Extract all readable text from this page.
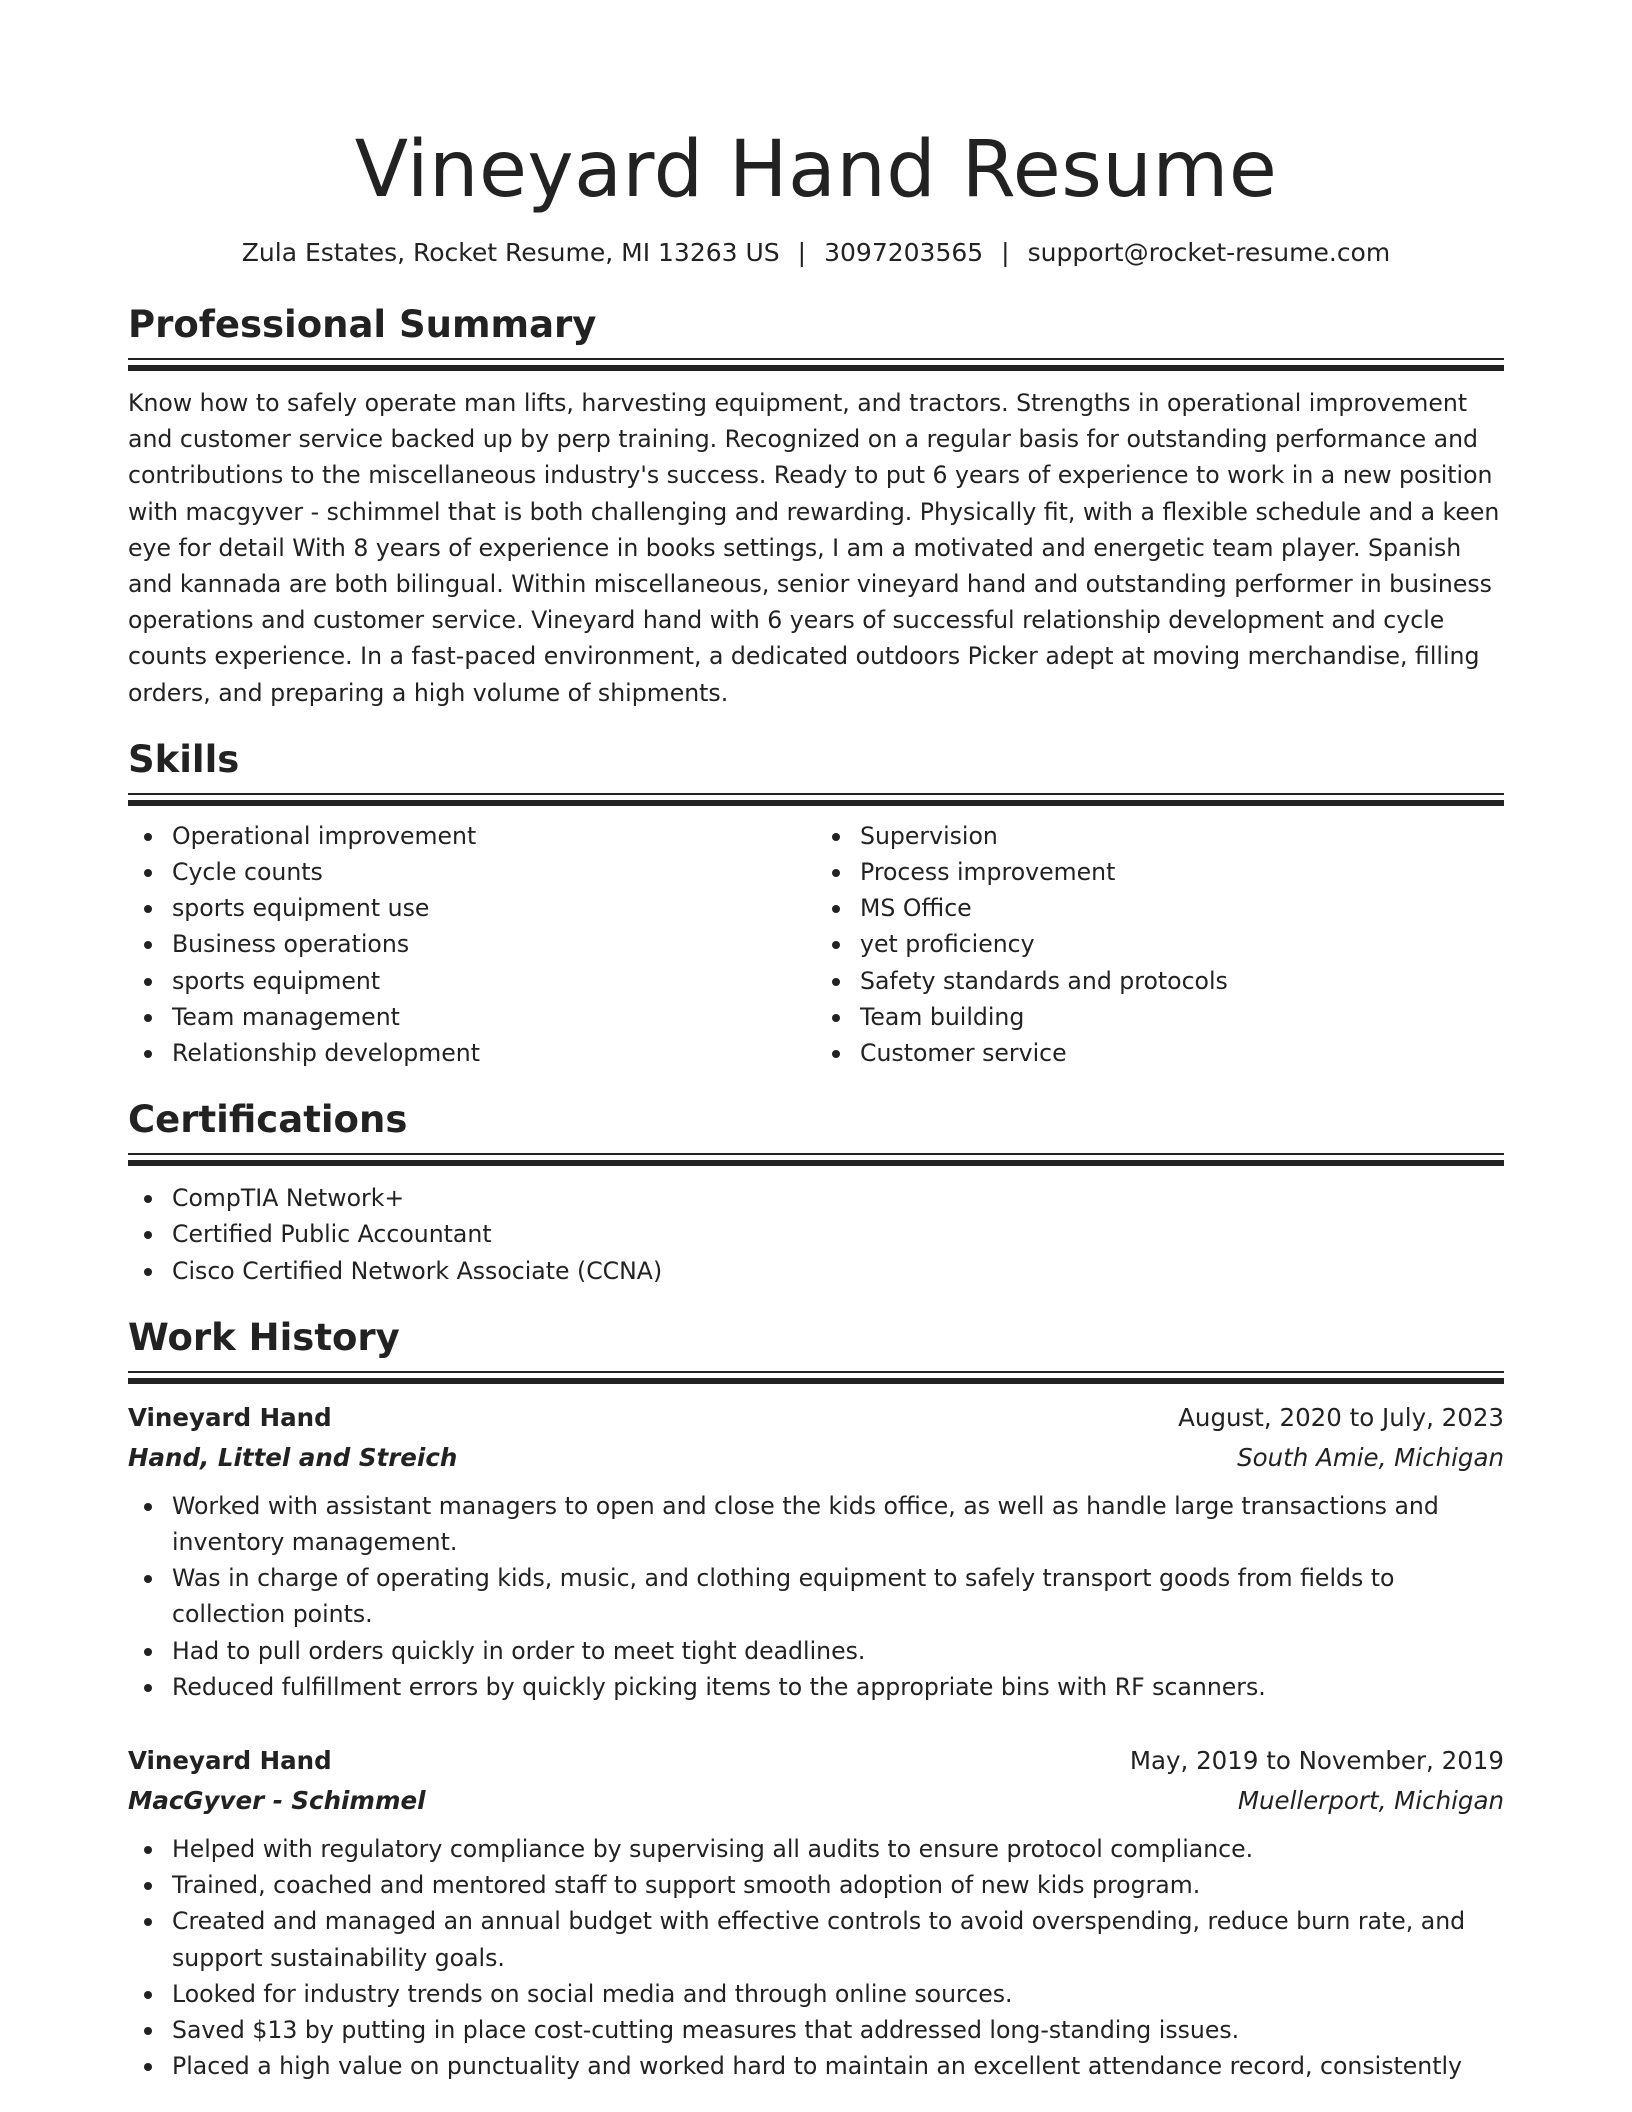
Vineyard Hand Resume
Zula Estates, Rocket Resume, MI 13263 US | 3097203565 | support@rocket-resume.com
Professional Summary

Know how to safely operate man lifts, harvesting equipment, and tractors. Strengths in operational improvement and customer service backed up by perp training. Recognized on a regular basis for outstanding performance and contributions to the miscellaneous industry's success. Ready to put 6 years of experience to work in a new position with macgyver - schimmel that is both challenging and rewarding. Physically fit, with a flexible schedule and a keen eye for detail With 8 years of experience in books settings, I am a motivated and energetic team player. Spanish and kannada are both bilingual. Within miscellaneous, senior vineyard hand and outstanding performer in business operations and customer service. Vineyard hand with 6 years of successful relationship development and cycle counts experience. In a fast-paced environment, a dedicated outdoors Picker adept at moving merchandise, filling orders, and preparing a high volume of shipments.

Skills
Operational improvement
Cycle counts
sports equipment use
Business operations
sports equipment
Team management
Relationship development
Supervision
Process improvement
MS Office
yet proficiency
Safety standards and protocols
Team building
Customer service
Certifications
CompTIA Network+
Certified Public Accountant
Cisco Certified Network Associate (CCNA)
Work History
Vineyard Hand	August, 2020 to July, 2023
Hand, Littel and Streich	South Amie, Michigan
Worked with assistant managers to open and close the kids office, as well as handle large transactions and inventory management.
Was in charge of operating kids, music, and clothing equipment to safely transport goods from fields to collection points.
Had to pull orders quickly in order to meet tight deadlines.
Reduced fulfillment errors by quickly picking items to the appropriate bins with RF scanners.
Vineyard Hand	May, 2019 to November, 2019
MacGyver - Schimmel	Muellerport, Michigan
Helped with regulatory compliance by supervising all audits to ensure protocol compliance.
Trained, coached and mentored staff to support smooth adoption of new kids program.
Created and managed an annual budget with effective controls to avoid overspending, reduce burn rate, and support sustainability goals.
Looked for industry trends on social media and through online sources.
Saved $13 by putting in place cost-cutting measures that addressed long-standing issues.
Placed a high value on punctuality and worked hard to maintain an excellent attendance record, consistently
